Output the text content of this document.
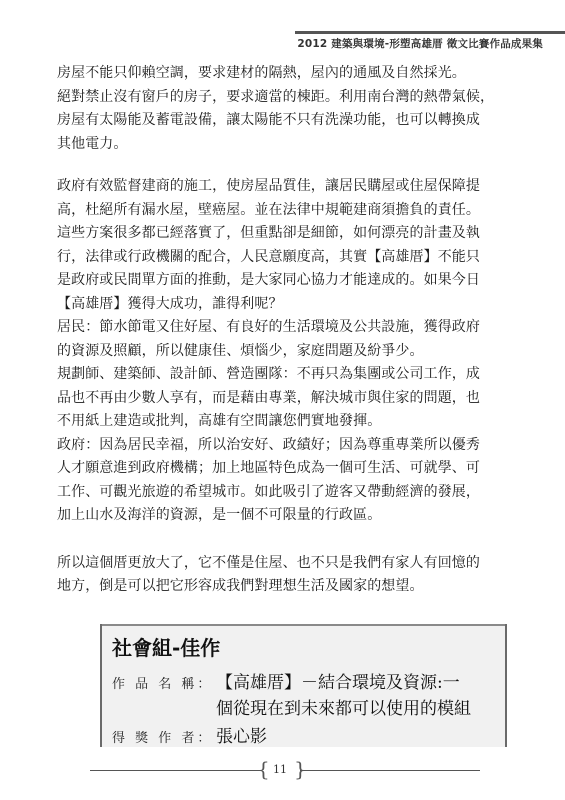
2012 建築與環境-形塑高雄厝 徵文比賽作品成果集
房屋不能只仰賴空調，要求建材的隔熱，屋內的通風及自然採光。
絕對禁止沒有窗戶的房子，要求適當的棟距。利用南台灣的熱帶氣候，
房屋有太陽能及蓄電設備，讓太陽能不只有洗澡功能，也可以轉換成
其他電力。
政府有效監督建商的施工，使房屋品質佳，讓居民購屋或住屋保障提
高，杜絕所有漏水屋，壁癌屋。並在法律中規範建商須擔負的責任。
這些方案很多都已經落實了，但重點卻是細節，如何漂亮的計畫及執
行，法律或行政機關的配合，人民意願度高，其實【高雄厝】不能只
是政府或民間單方面的推動，是大家同心協力才能達成的。如果今日
【高雄厝】獲得大成功，誰得利呢？
居民：節水節電又住好屋、有良好的生活環境及公共設施，獲得政府
的資源及照顧，所以健康佳、煩惱少，家庭問題及紛爭少。
規劃師、建築師、設計師、營造團隊：不再只為集團或公司工作，成
品也不再由少數人享有，而是藉由專業，解決城市與住家的問題，也
不用紙上建造或批判，高雄有空間讓您們實地發揮。
政府：因為居民幸福，所以治安好、政績好；因為尊重專業所以優秀
人才願意進到政府機構；加上地區特色成為一個可生活、可就學、可
工作、可觀光旅遊的希望城市。如此吸引了遊客又帶動經濟的發展，
加上山水及海洋的資源，是一個不可限量的行政區。
所以這個厝更放大了，它不僅是住屋、也不只是我們有家人有回憶的
地方，倒是可以把它形容成我們對理想生活及國家的想望。
社會組-佳作
作 品 名 稱： 【高雄厝】－結合環境及資源:一
個從現在到未來都可以使用的模組
得 獎 作 者： 張心影
{ }
11
